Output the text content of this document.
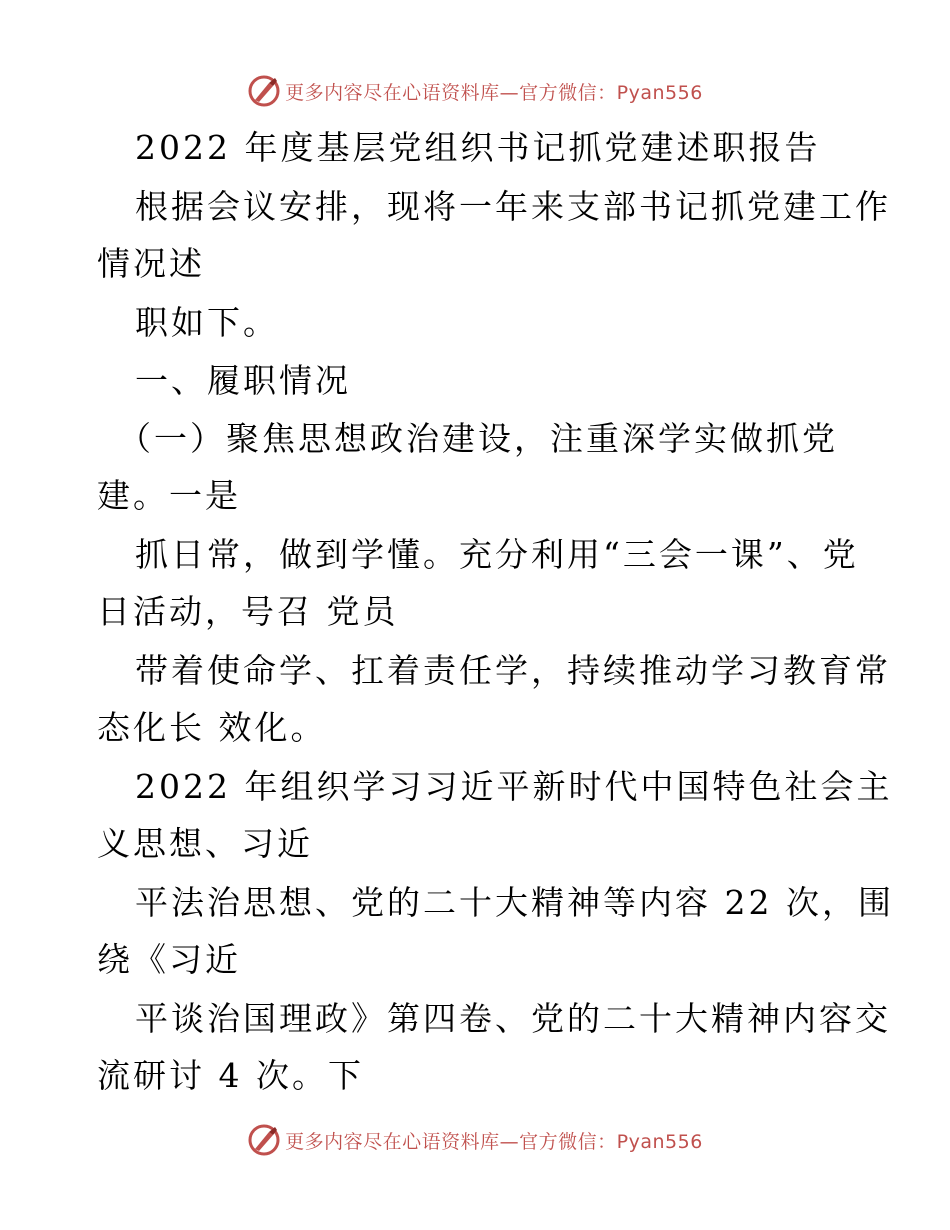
更多内容尽在心语资料库—官方微信：Pyan556
2022 年度基层党组织书记抓党建述职报告
根据会议安排，现将一年来支部书记抓党建工作
情况述
职如下。
一、履职情况
（一）聚焦思想政治建设，注重深学实做抓党
建。一是
抓日常，做到学懂。充分利用“三会一课”、党
日活动，号召 党员
带着使命学、扛着责任学，持续推动学习教育常
态化长 效化。
2022 年组织学习习近平新时代中国特色社会主
义思想、习近
平法治思想、党的二十大精神等内容 22 次，围
绕《习近
平谈治国理政》第四卷、党的二十大精神内容交
流研讨 4 次。下
更多内容尽在心语资料库—官方微信：Pyan556
